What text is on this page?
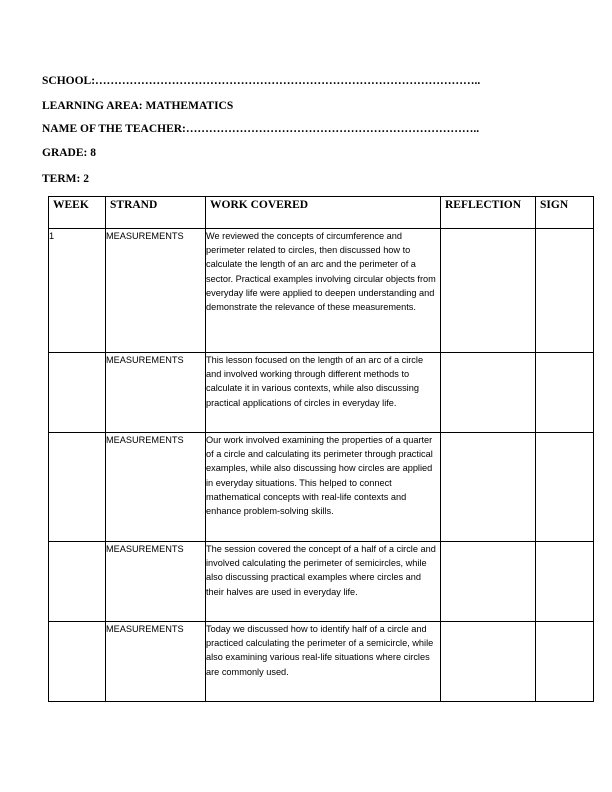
SCHOOL:………………………………………………………………………………………..
LEARNING AREA: MATHEMATICS
NAME OF THE TEACHER:…………………………………………………………………..
GRADE: 8
TERM: 2
WEEK	STRAND	WORK COVERED	REFLECTION	SIGN
1	MEASUREMENTS	We reviewed the concepts of circumference and perimeter related to circles, then discussed how to calculate the length of an arc and the perimeter of a sector. Practical examples involving circular objects from everyday life were applied to deepen understanding and demonstrate the relevance of these measurements.		
	MEASUREMENTS	This lesson focused on the length of an arc of a circle and involved working through different methods to calculate it in various contexts, while also discussing practical applications of circles in everyday life.		
	MEASUREMENTS	Our work involved examining the properties of a quarter of a circle and calculating its perimeter through practical examples, while also discussing how circles are applied in everyday situations. This helped to connect mathematical concepts with real-life contexts and enhance problem-solving skills.		
	MEASUREMENTS	The session covered the concept of a half of a circle and involved calculating the perimeter of semicircles, while also discussing practical examples where circles and their halves are used in everyday life.		
	MEASUREMENTS	Today we discussed how to identify half of a circle and practiced calculating the perimeter of a semicircle, while also examining various real-life situations where circles are commonly used.		
